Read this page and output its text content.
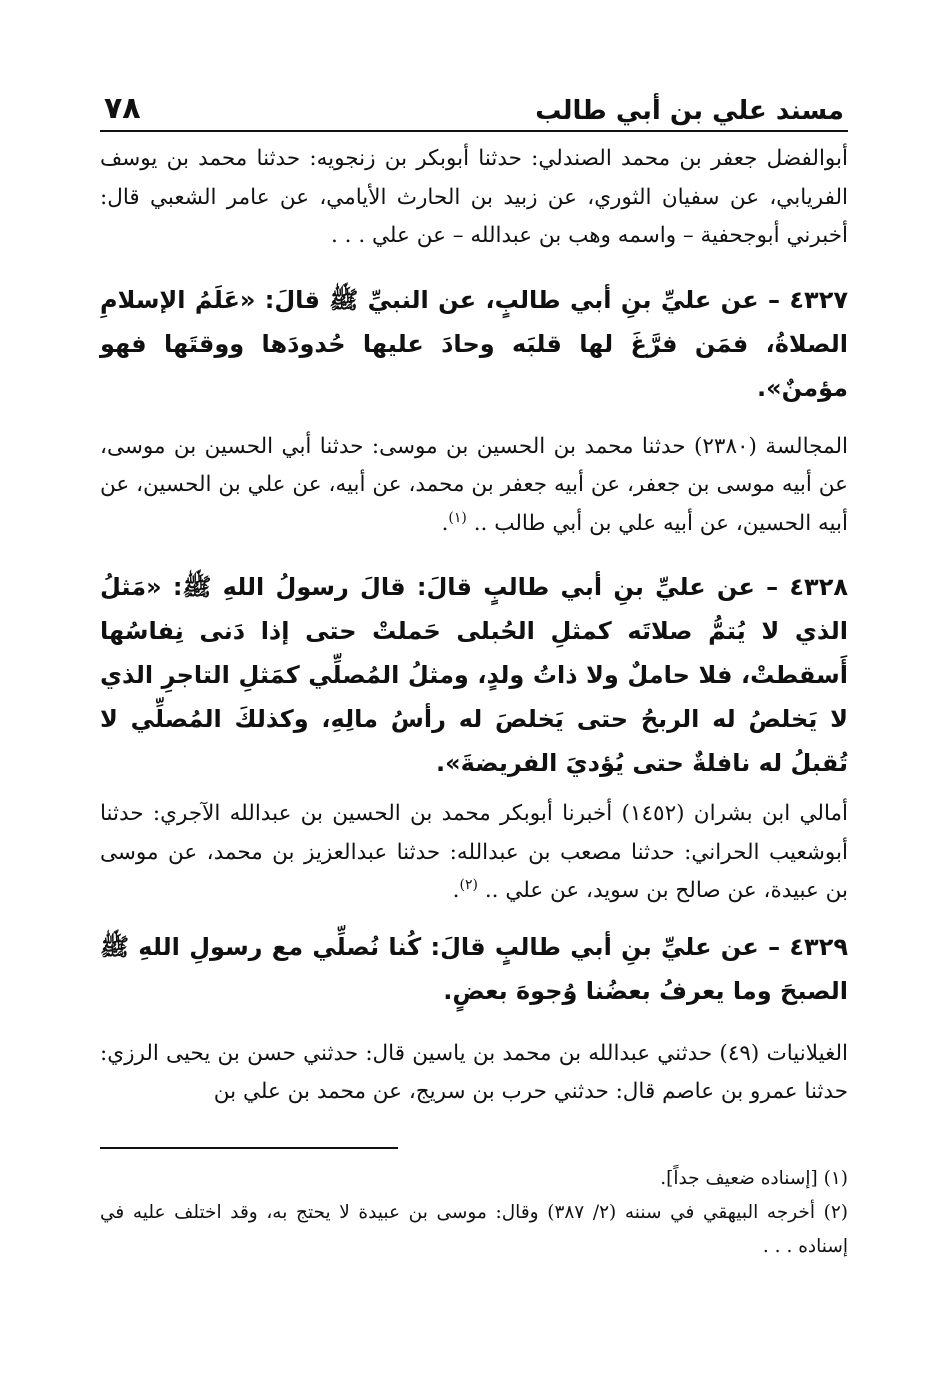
مسند علي بن أبي طالب
٧٨

أبوالفضل جعفر بن محمد الصندلي: حدثنا أبوبكر بن زنجويه: حدثنا محمد بن يوسف الفريابي، عن سفيان الثوري، عن زبيد بن الحارث الأيامي، عن عامر الشعبي قال: أخبرني أبوجحفية – واسمه وهب بن عبدالله – عن علي . . .

٤٣٢٧ – عن عليِّ بنِ أبي طالبٍ، عن النبيِّ ﷺ قالَ: «عَلَمُ الإسلامِ الصلاةُ، فمَن فرَّغَ لها قلبَه وحادَ عليها حُدودَها ووقتَها فهو مؤمنٌ».

المجالسة (٢٣٨٠) حدثنا محمد بن الحسين بن موسى: حدثنا أبي الحسين بن موسى، عن أبيه موسى بن جعفر، عن أبيه جعفر بن محمد، عن أبيه، عن علي بن الحسين، عن أبيه الحسين، عن أبيه علي بن أبي طالب .. $^{(١)}$.

٤٣٢٨ – عن عليِّ بنِ أبي طالبٍ قالَ: قالَ رسولُ اللهِ ﷺ: «مَثلُ الذي لا يُتمُّ صلاتَه كمثلِ الحُبلى حَملتْ حتى إذا دَنى نِفاسُها أَسقطتْ، فلا حاملٌ ولا ذاتُ ولدٍ، ومثلُ المُصلِّي كمَثلِ التاجرِ الذي لا يَخلصُ له الربحُ حتى يَخلصَ له رأسُ مالِهِ، وكذلكَ المُصلِّي لا تُقبلُ له نافلةٌ حتى يُؤديَ الفريضةَ».

أمالي ابن بشران (١٤٥٢) أخبرنا أبوبكر محمد بن الحسين بن عبدالله الآجري: حدثنا أبوشعيب الحراني: حدثنا مصعب بن عبدالله: حدثنا عبدالعزيز بن محمد، عن موسى بن عبيدة، عن صالح بن سويد، عن علي .. $^{(٢)}$.

٤٣٢٩ – عن عليِّ بنِ أبي طالبٍ قالَ: كُنا نُصلِّي مع رسولِ اللهِ ﷺ الصبحَ وما يعرفُ بعضُنا وُجوهَ بعضٍ.

الغيلانيات (٤٩) حدثني عبدالله بن محمد بن ياسين قال: حدثني حسن بن يحيى الرزي: حدثنا عمرو بن عاصم قال: حدثني حرب بن سريج، عن محمد بن علي بن

(١) [إسناده ضعيف جداً].

(٢) أخرجه البيهقي في سننه (٢/ ٣٨٧) وقال: موسى بن عبيدة لا يحتج به، وقد اختلف عليه في إسناده . . .
